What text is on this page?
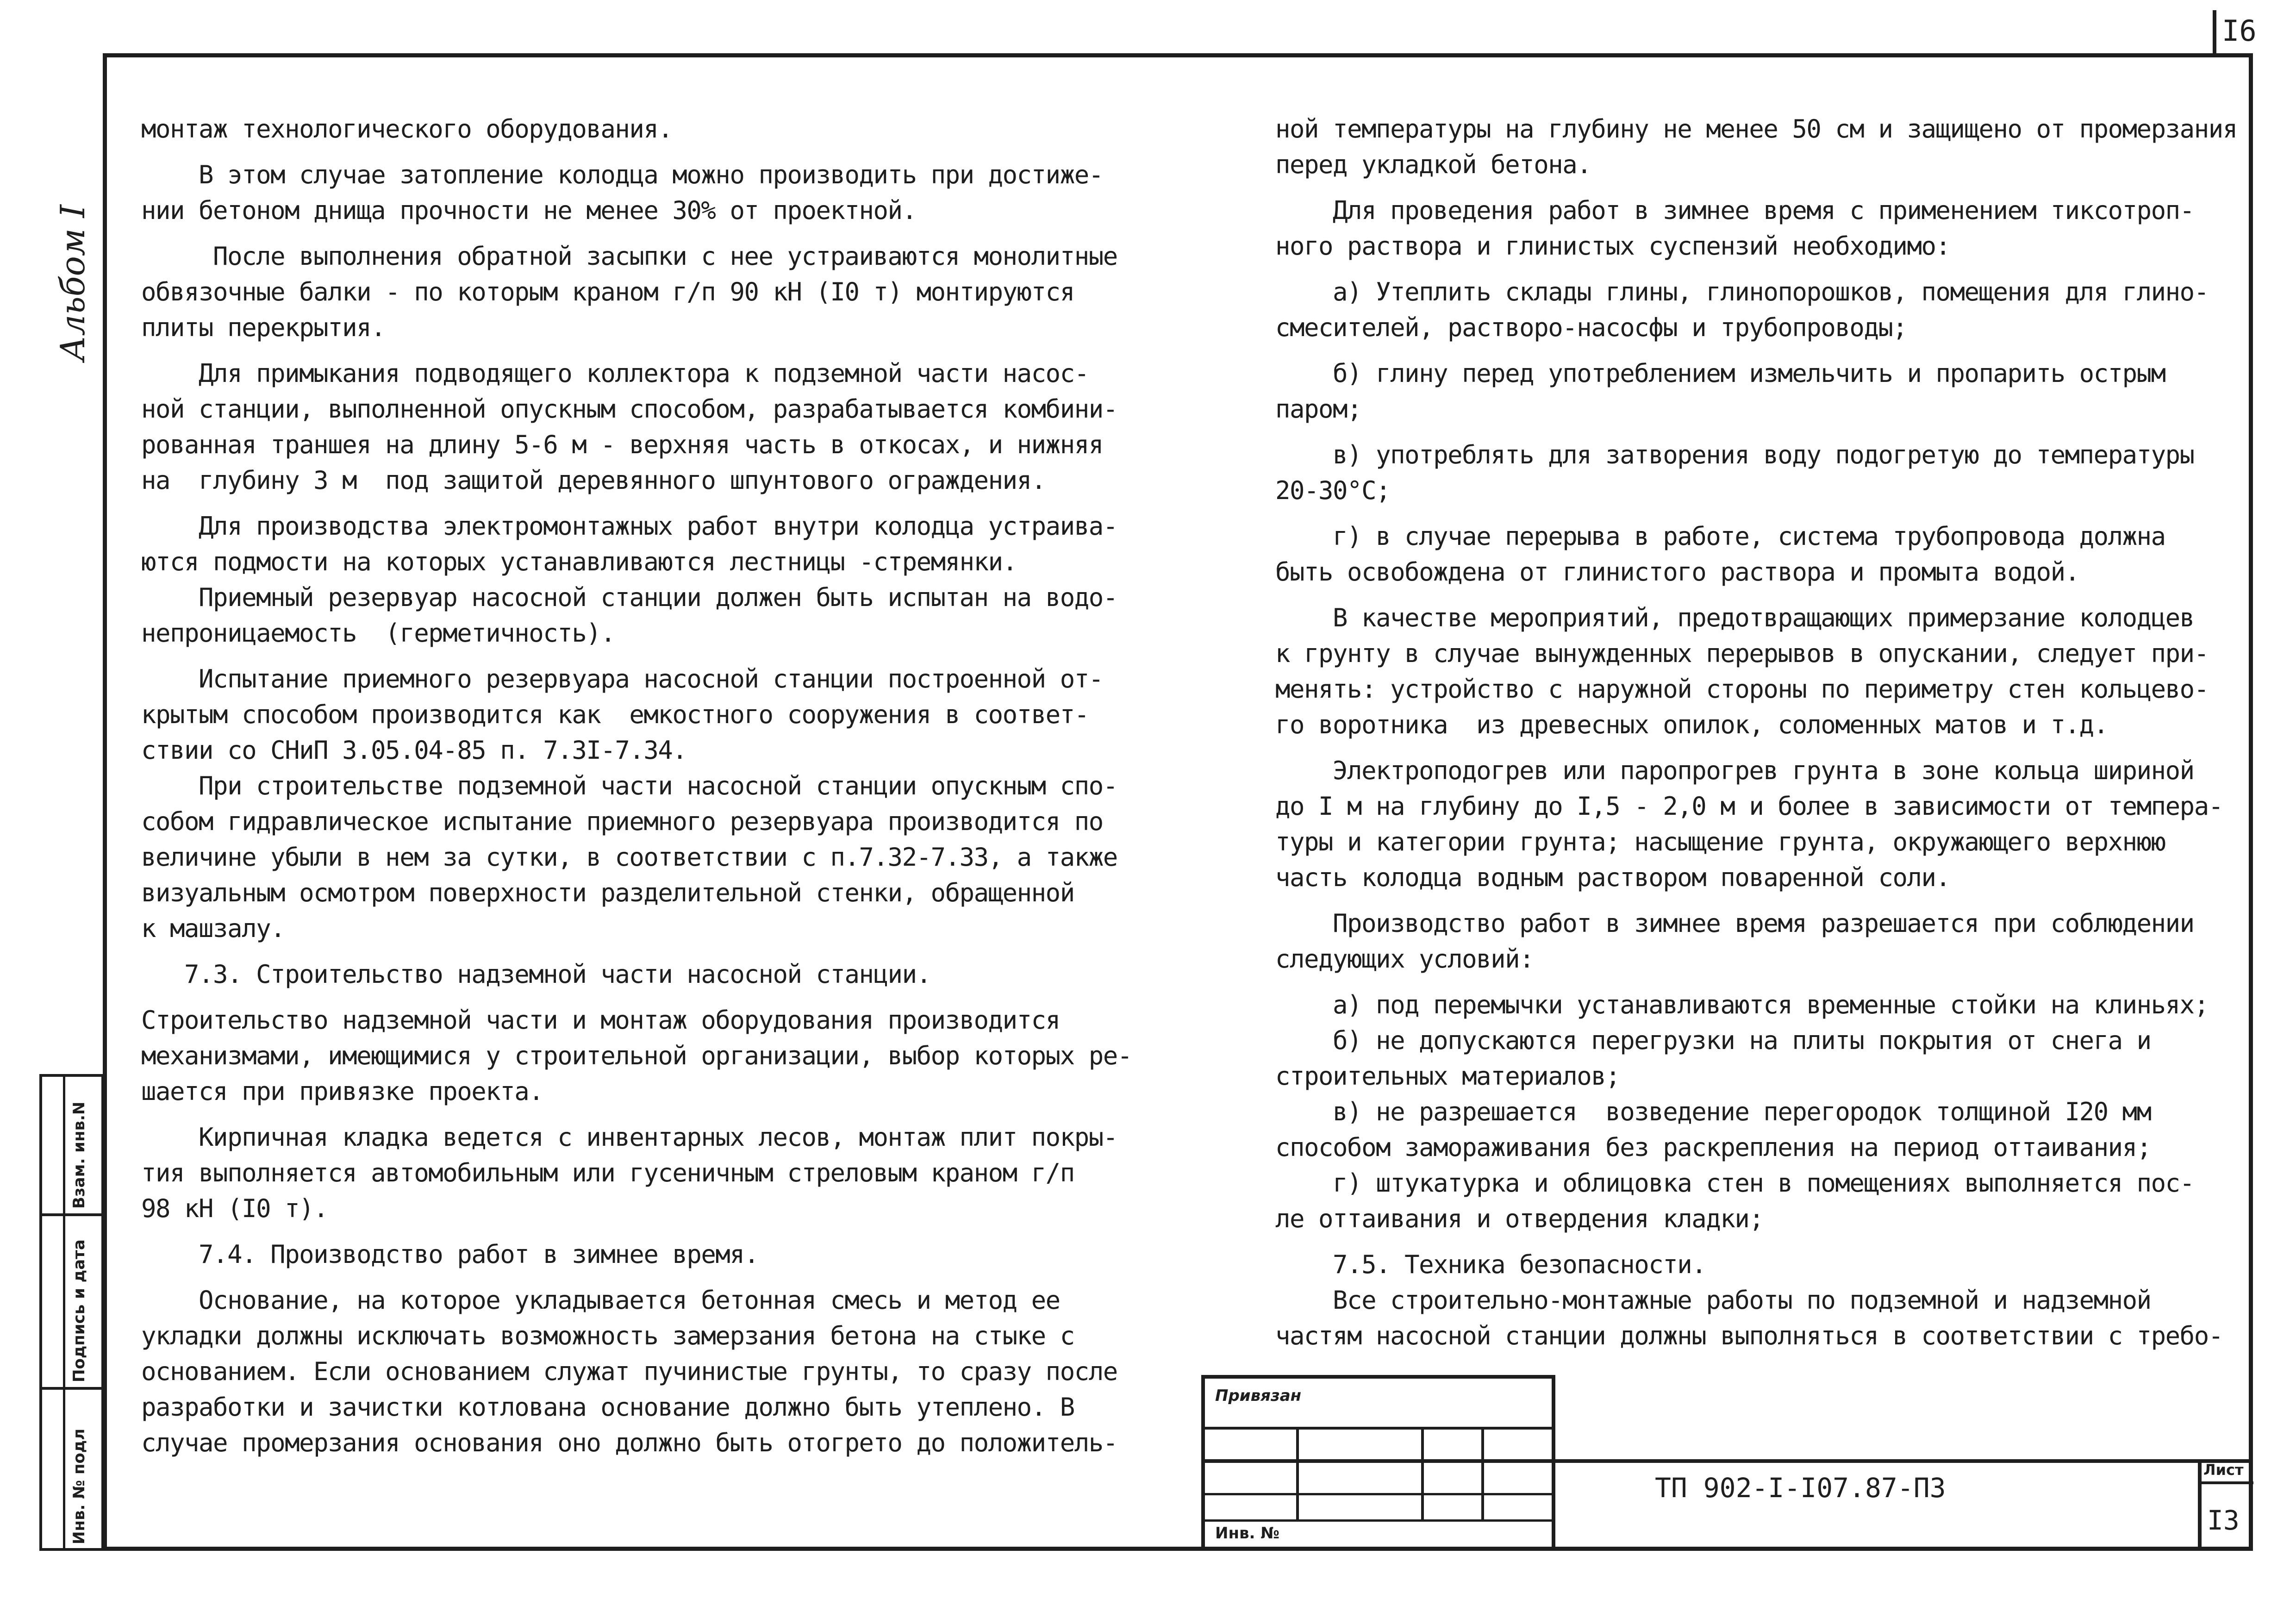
I6
Альбом I

монтаж технологического оборудования.

В этом случае затопление колодца можно производить при достиже-

нии бетоном днища прочности не менее 30% от проектной.

После выполнения обратной засыпки с нее устраиваются монолитные

обвязочные балки - по которым краном г/п 90 кН (I0 т) монтируются

плиты перекрытия.

Для примыкания подводящего коллектора к подземной части насос-

ной станции, выполненной опускным способом, разрабатывается комбини-

рованная траншея на длину 5-6 м - верхняя часть в откосах, и нижняя

на  глубину 3 м  под защитой деревянного шпунтового ограждения.

Для производства электромонтажных работ внутри колодца устраива-

ются подмости на которых устанавливаются лестницы -стремянки.

Приемный резервуар насосной станции должен быть испытан на водо-

непроницаемость  (герметичность).

Испытание приемного резервуара насосной станции построенной от-

крытым способом производится как  емкостного сооружения в соответ-

ствии со СНиП 3.05.04-85 п. 7.3I-7.34.

При строительстве подземной части насосной станции опускным спо-

собом гидравлическое испытание приемного резервуара производится по

величине убыли в нем за сутки, в соответствии с п.7.32-7.33, а также

визуальным осмотром поверхности разделительной стенки, обращенной

к машзалу.

7.3. Строительство надземной части насосной станции.

Строительство надземной части и монтаж оборудования производится

механизмами, имеющимися у строительной организации, выбор которых ре-

шается при привязке проекта.

Кирпичная кладка ведется с инвентарных лесов, монтаж плит покры-

тия выполняется автомобильным или гусеничным стреловым краном г/п

98 кН (I0 т).

7.4. Производство работ в зимнее время.

Основание, на которое укладывается бетонная смесь и метод ее

укладки должны исключать возможность замерзания бетона на стыке с

основанием. Если основанием служат пучинистые грунты, то сразу после

разработки и зачистки котлована основание должно быть утеплено. В

случае промерзания основания оно должно быть отогрето до положитель-

ной температуры на глубину не менее 50 см и защищено от промерзания

перед укладкой бетона.

Для проведения работ в зимнее время с применением тиксотроп-

ного раствора и глинистых суспензий необходимо:

а) Утеплить склады глины, глинопорошков, помещения для глино-

смесителей, растворо-насосфы и трубопроводы;

б) глину перед употреблением измельчить и пропарить острым

паром;

в) употреблять для затворения воду подогретую до температуры

20-30°С;

г) в случае перерыва в работе, система трубопровода должна

быть освобождена от глинистого раствора и промыта водой.

В качестве мероприятий, предотвращающих примерзание колодцев

к грунту в случае вынужденных перерывов в опускании, следует при-

менять: устройство с наружной стороны по периметру стен кольцево-

го воротника  из древесных опилок, соломенных матов и т.д.

Электроподогрев или паропрогрев грунта в зоне кольца шириной

до I м на глубину до I,5 - 2,0 м и более в зависимости от темпера-

туры и категории грунта; насыщение грунта, окружающего верхнюю

часть колодца водным раствором поваренной соли.

Производство работ в зимнее время разрешается при соблюдении

следующих условий:

а) под перемычки устанавливаются временные стойки на клиньях;

б) не допускаются перегрузки на плиты покрытия от снега и

строительных материалов;

в) не разрешается  возведение перегородок толщиной I20 мм

способом замораживания без раскрепления на период оттаивания;

г) штукатурка и облицовка стен в помещениях выполняется пос-

ле оттаивания и отвердения кладки;

7.5. Техника безопасности.

Все строительно-монтажные работы по подземной и надземной

частям насосной станции должны выполняться в соответствии с требо-

Взам. инв.N
Подпись и дата
Инв. № подл
Привязан
Инв. №
ТП 902-I-I07.87-ПЗ
Лист
I3
